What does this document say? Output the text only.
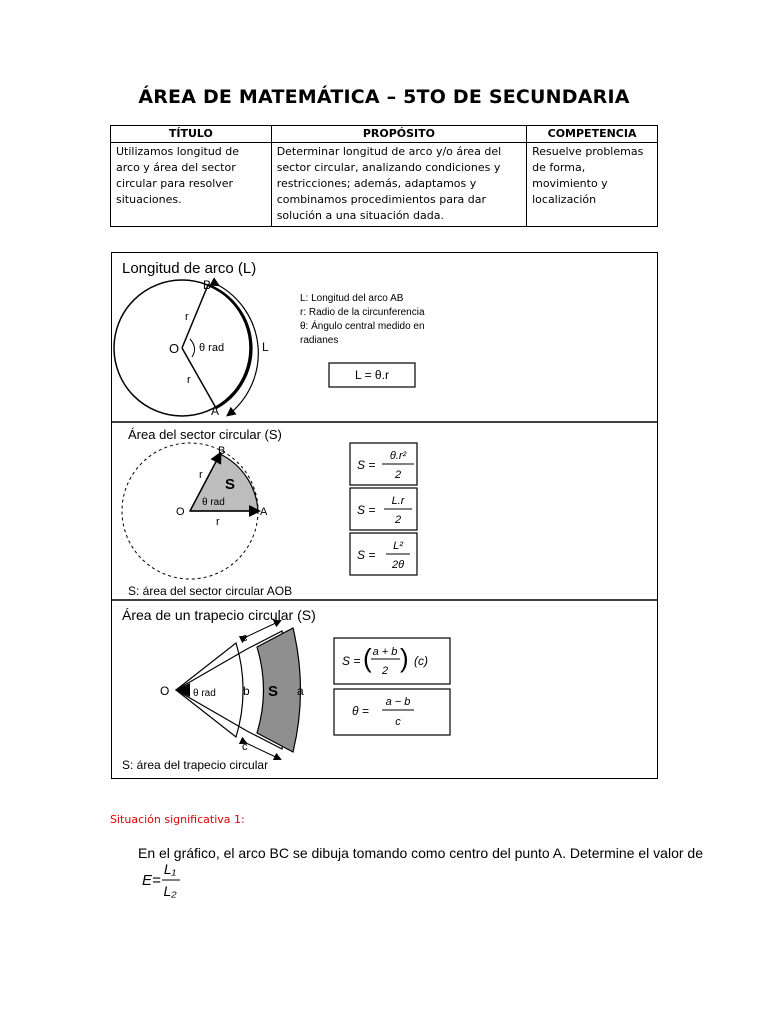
ÁREA DE MATEMÁTICA – 5TO DE SECUNDARIA
TÍTULO	PROPÓSITO	COMPETENCIA
Utilizamos longitud de arco y área del sector circular para resolver situaciones.	Determinar longitud de arco y/o área del sector circular, analizando condiciones y restricciones; además, adaptamos y combinamos procedimientos para dar solución a una situación dada.	Resuelve problemas de forma, movimiento y localización
Longitud de arco (L)
B
A
O
r
r
θ rad	L
L: Longitud del arco AB
r: Radio de la circunferencia
θ: Ángulo central medido en
radianes
L = θ.r
Área del sector circular (S)
B
A
O
r
r
S
θ rad
S: área del sector circular AOB
S =
θ.r²
2
S =
L.r
2
S =
L²
2θ
Área de un trapecio circular (S)
O θ rad b	a
S
c
c
S: área del trapecio circular
S = ( a + b
2 ) (c)
θ =
a − b
c
Situación significativa 1:
En el gráfico, el arco BC se dibuja tomando como centro del punto A. Determine el valor de
E=
L₁
L₂
